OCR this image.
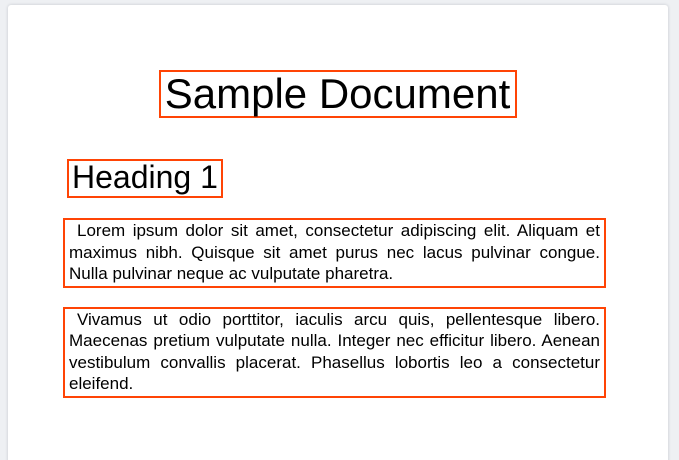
Sample Document
Heading 1

Lorem ipsum dolor sit amet, consectetur adipiscing elit. Aliquam et maximus nibh. Quisque sit amet purus nec lacus pulvinar congue. Nulla pulvinar neque ac vulputate pharetra.

Vivamus ut odio porttitor, iaculis arcu quis, pellentesque libero. Maecenas pretium vulputate nulla. Integer nec efficitur libero. Aenean vestibulum convallis placerat. Phasellus lobortis leo a consectetur eleifend.
